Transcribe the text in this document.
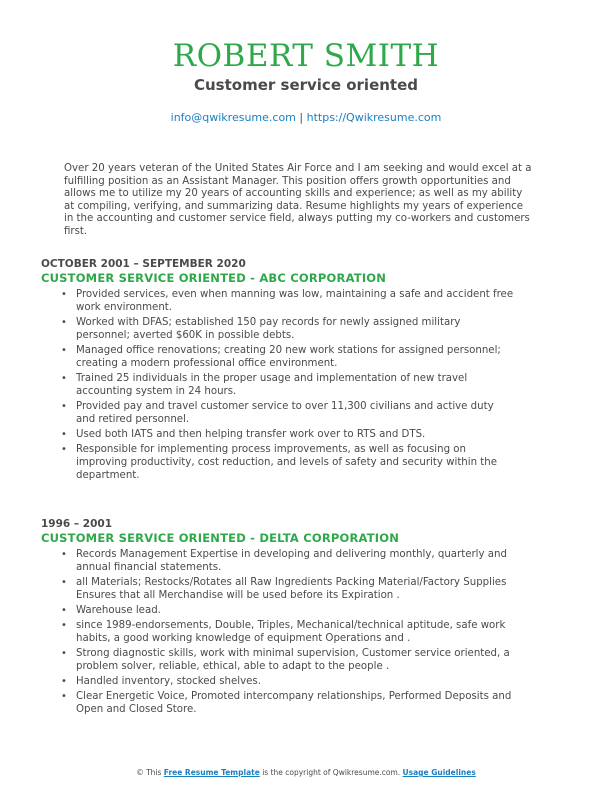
ROBERT SMITH
Customer service oriented
info@qwikresume.com | https://Qwikresume.com
Over 20 years veteran of the United States Air Force and I am seeking and would excel at a fulfilling position as an Assistant Manager. This position offers growth opportunities and allows me to utilize my 20 years of accounting skills and experience; as well as my ability at compiling, verifying, and summarizing data. Resume highlights my years of experience in the accounting and customer service field, always putting my co-workers and customers first.
OCTOBER 2001 – SEPTEMBER 2020
CUSTOMER SERVICE ORIENTED - ABC CORPORATION
• Provided services, even when manning was low, maintaining a safe and accident free work environment.
• Worked with DFAS; established 150 pay records for newly assigned military personnel; averted $60K in possible debts.
• Managed office renovations; creating 20 new work stations for assigned personnel; creating a modern professional office environment.
• Trained 25 individuals in the proper usage and implementation of new travel accounting system in 24 hours.
• Provided pay and travel customer service to over 11,300 civilians and active duty and retired personnel.
• Used both IATS and then helping transfer work over to RTS and DTS.
• Responsible for implementing process improvements, as well as focusing on improving productivity, cost reduction, and levels of safety and security within the department.
1996 – 2001
CUSTOMER SERVICE ORIENTED - DELTA CORPORATION
• Records Management Expertise in developing and delivering monthly, quarterly and annual financial statements.
• all Materials; Restocks/Rotates all Raw Ingredients Packing Material/Factory Supplies Ensures that all Merchandise will be used before its Expiration .
• Warehouse lead.
• since 1989-endorsements, Double, Triples, Mechanical/technical aptitude, safe work habits, a good working knowledge of equipment Operations and .
• Strong diagnostic skills, work with minimal supervision, Customer service oriented, a problem solver, reliable, ethical, able to adapt to the people .
• Handled inventory, stocked shelves.
• Clear Energetic Voice, Promoted intercompany relationships, Performed Deposits and Open and Closed Store.
© This Free Resume Template is the copyright of Qwikresume.com. Usage Guidelines
